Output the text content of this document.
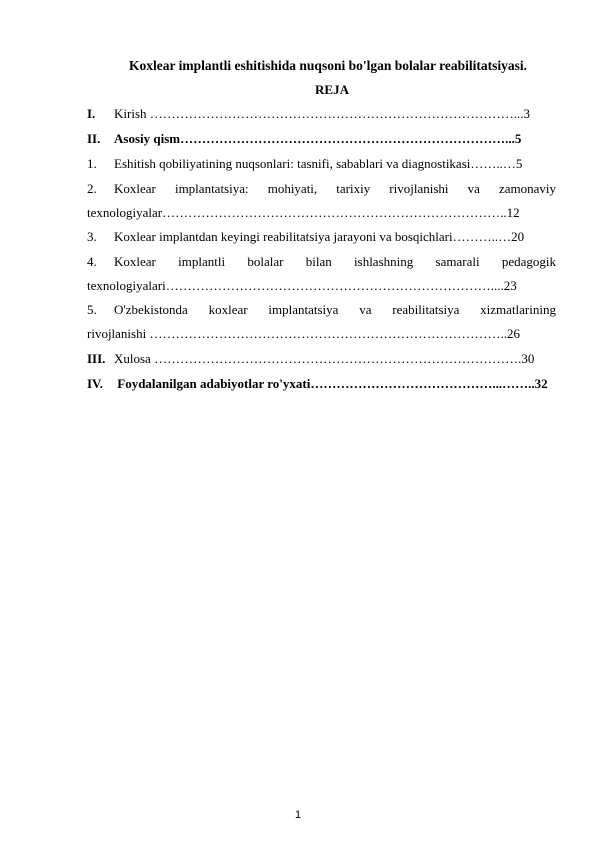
Koxlear implantli eshitishida nuqsoni bo'lgan bolalar reabilitatsiyasi.
REJA
I. Kirish …………………………………………………………………………...3
II. Asosiy qism…………………………………………………………………...5
1. Eshitish qobiliyatining nuqsonlari: tasnifi, sabablari va diagnostikasi……..…5
2.	Koxlear implantatsiya: mohiyati, tarixiy rivojlanishi va zamonaviy
texnologiyalar……………………………………………………………………..12
3. Koxlear implantdan keyingi reabilitatsiya jarayoni va bosqichlari………..…20
4.	Koxlear implantli bolalar bilan ishlashning samarali pedagogik
texnologiyalari…………………………………………………………………....23
5.	O'zbekistonda koxlear implantatsiya va reabilitatsiya xizmatlarining
rivojlanishi ………………………………………………………………………..26
III. Xulosa ………………………………………………………………………….30
IV. Foydalanilgan adabiyotlar ro'yxati……………………………………...……..32
1
